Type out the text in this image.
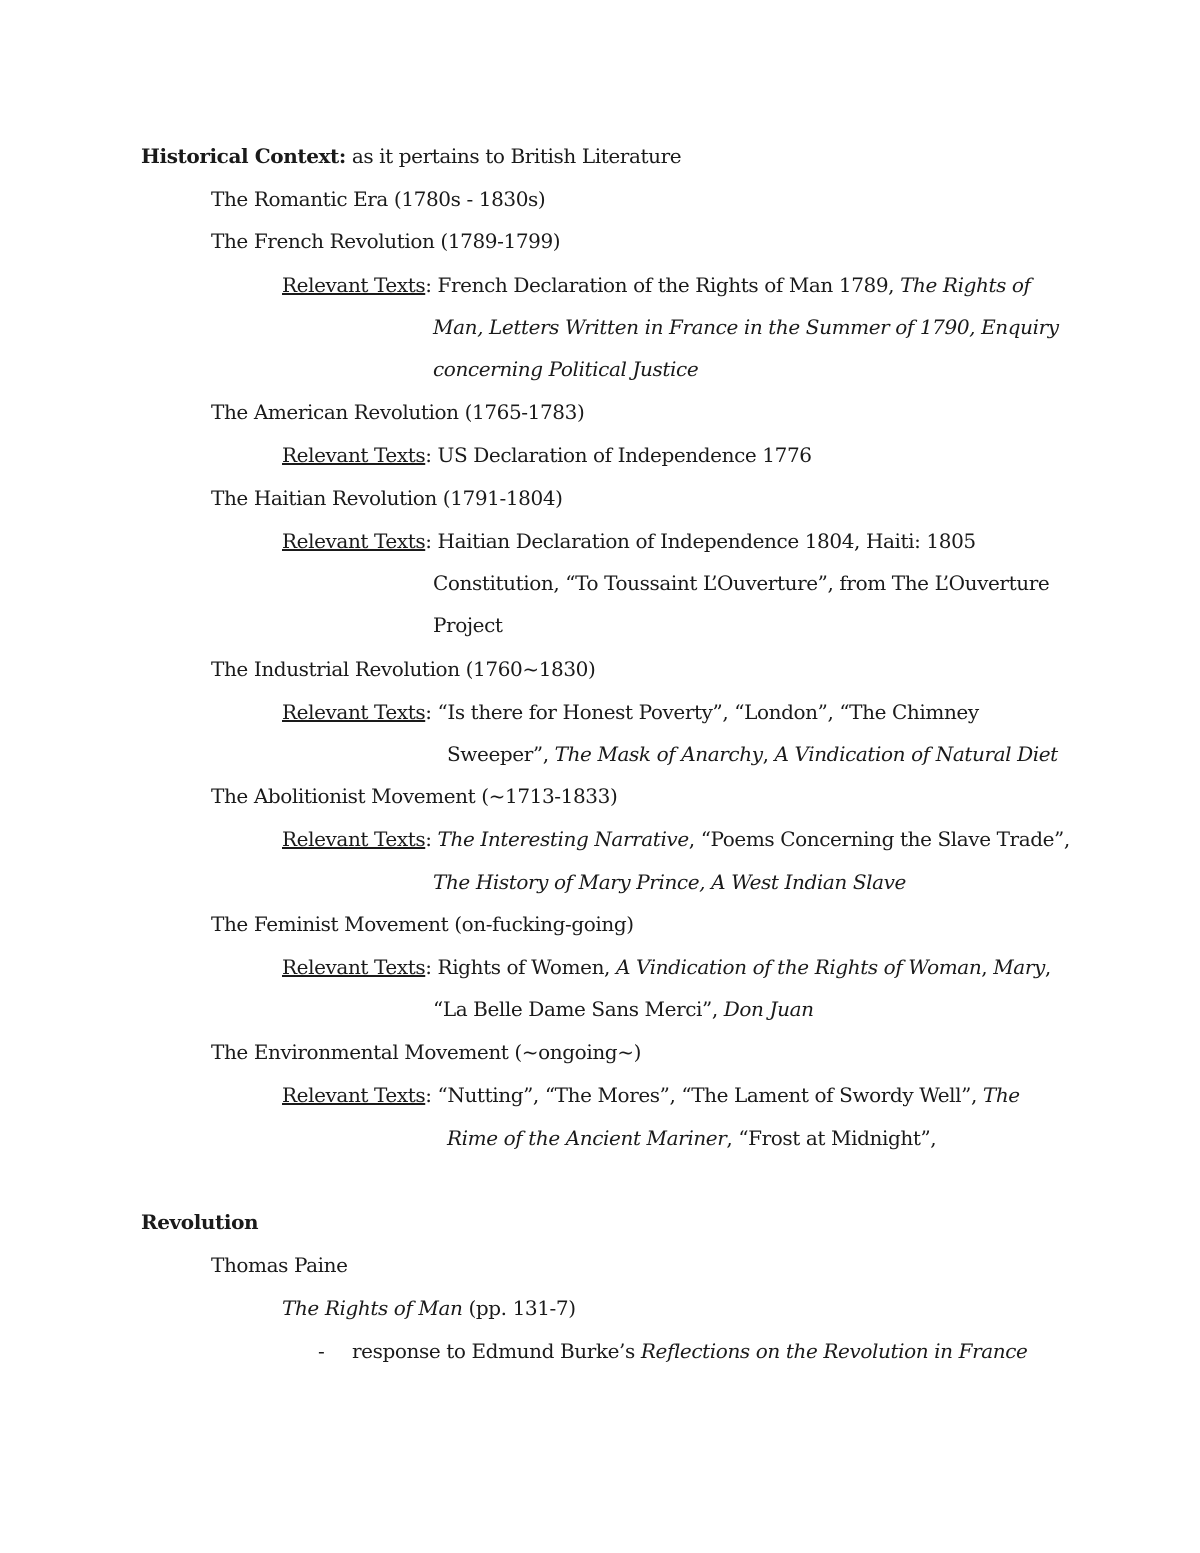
Historical Context: as it pertains to British Literature
The Romantic Era (1780s - 1830s)
The French Revolution (1789-1799)
Relevant Texts: French Declaration of the Rights of Man 1789, The Rights of
Man, Letters Written in France in the Summer of 1790, Enquiry
concerning Political Justice
The American Revolution (1765-1783)
Relevant Texts: US Declaration of Independence 1776
The Haitian Revolution (1791-1804)
Relevant Texts: Haitian Declaration of Independence 1804, Haiti: 1805
Constitution, “To Toussaint L’Ouverture”, from The L’Ouverture
Project
The Industrial Revolution (1760~1830)
Relevant Texts: “Is there for Honest Poverty”, “London”, “The Chimney
Sweeper”, The Mask of Anarchy, A Vindication of Natural Diet
The Abolitionist Movement (~1713-1833)
Relevant Texts: The Interesting Narrative, “Poems Concerning the Slave Trade”,
The History of Mary Prince, A West Indian Slave
The Feminist Movement (on-fucking-going)
Relevant Texts: Rights of Women, A Vindication of the Rights of Woman, Mary,
“La Belle Dame Sans Merci”, Don Juan
The Environmental Movement (~ongoing~)
Relevant Texts: “Nutting”, “The Mores”, “The Lament of Swordy Well”, The
Rime of the Ancient Mariner, “Frost at Midnight”,
Revolution
Thomas Paine
The Rights of Man (pp. 131-7)
- response to Edmund Burke’s Reflections on the Revolution in France
